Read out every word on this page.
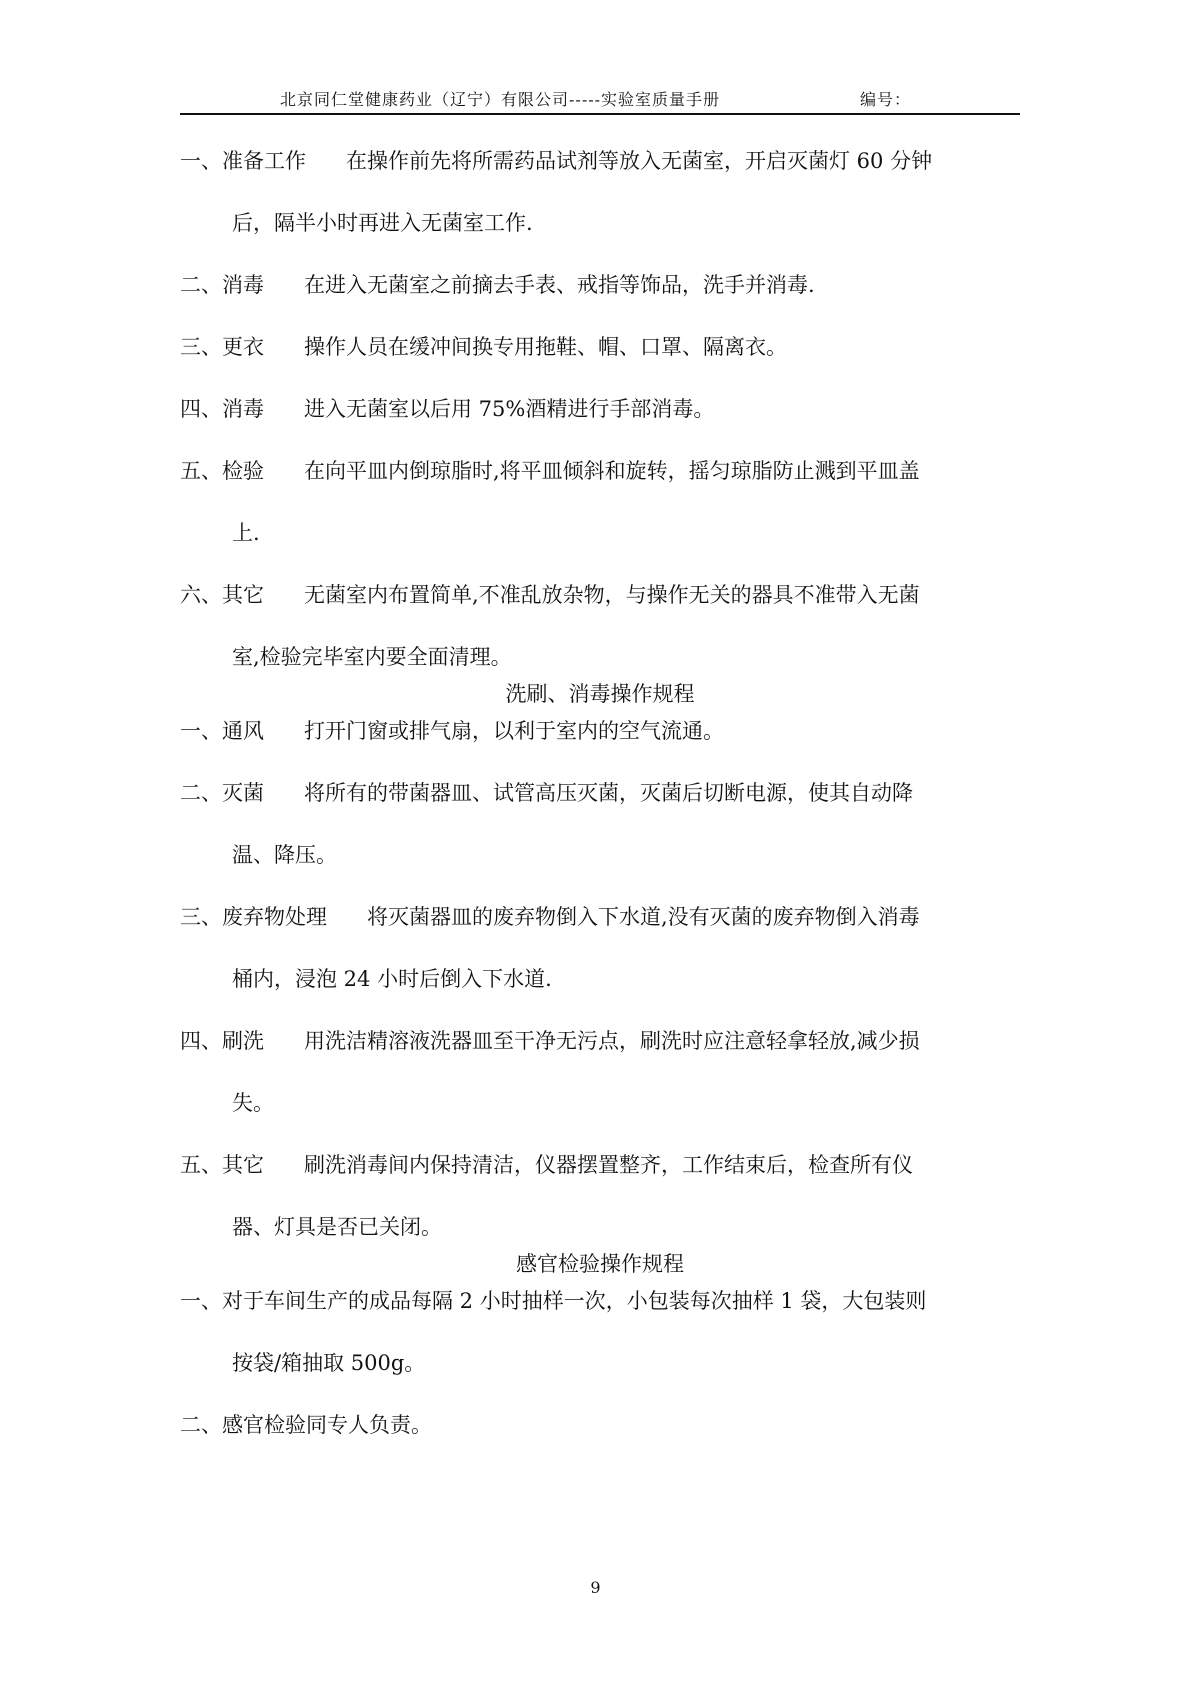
北京同仁堂健康药业（辽宁）有限公司-----实验室质量手册	编号：

一、准备工作 在操作前先将所需药品试剂等放入无菌室，开启灭菌灯 60 分钟

后，隔半小时再进入无菌室工作.

二、消毒 在进入无菌室之前摘去手表、戒指等饰品，洗手并消毒.

三、更衣 操作人员在缓冲间换专用拖鞋、帽、口罩、隔离衣。

四、消毒 进入无菌室以后用 75%酒精进行手部消毒。

五、检验 在向平皿内倒琼脂时,将平皿倾斜和旋转，摇匀琼脂防止溅到平皿盖

上.

六、其它 无菌室内布置简单,不准乱放杂物，与操作无关的器具不准带入无菌

室,检验完毕室内要全面清理。

洗刷、消毒操作规程

一、通风 打开门窗或排气扇，以利于室内的空气流通。

二、灭菌 将所有的带菌器皿、试管高压灭菌，灭菌后切断电源，使其自动降

温、降压。

三、废弃物处理 将灭菌器皿的废弃物倒入下水道,没有灭菌的废弃物倒入消毒

桶内，浸泡 24 小时后倒入下水道.

四、刷洗 用洗洁精溶液洗器皿至干净无污点，刷洗时应注意轻拿轻放,减少损

失。

五、其它 刷洗消毒间内保持清洁，仪器摆置整齐，工作结束后，检查所有仪

器、灯具是否已关闭。

感官检验操作规程

一、对于车间生产的成品每隔 2 小时抽样一次，小包装每次抽样 1 袋，大包装则

按袋/箱抽取 500g。

二、感官检验同专人负责。

9
